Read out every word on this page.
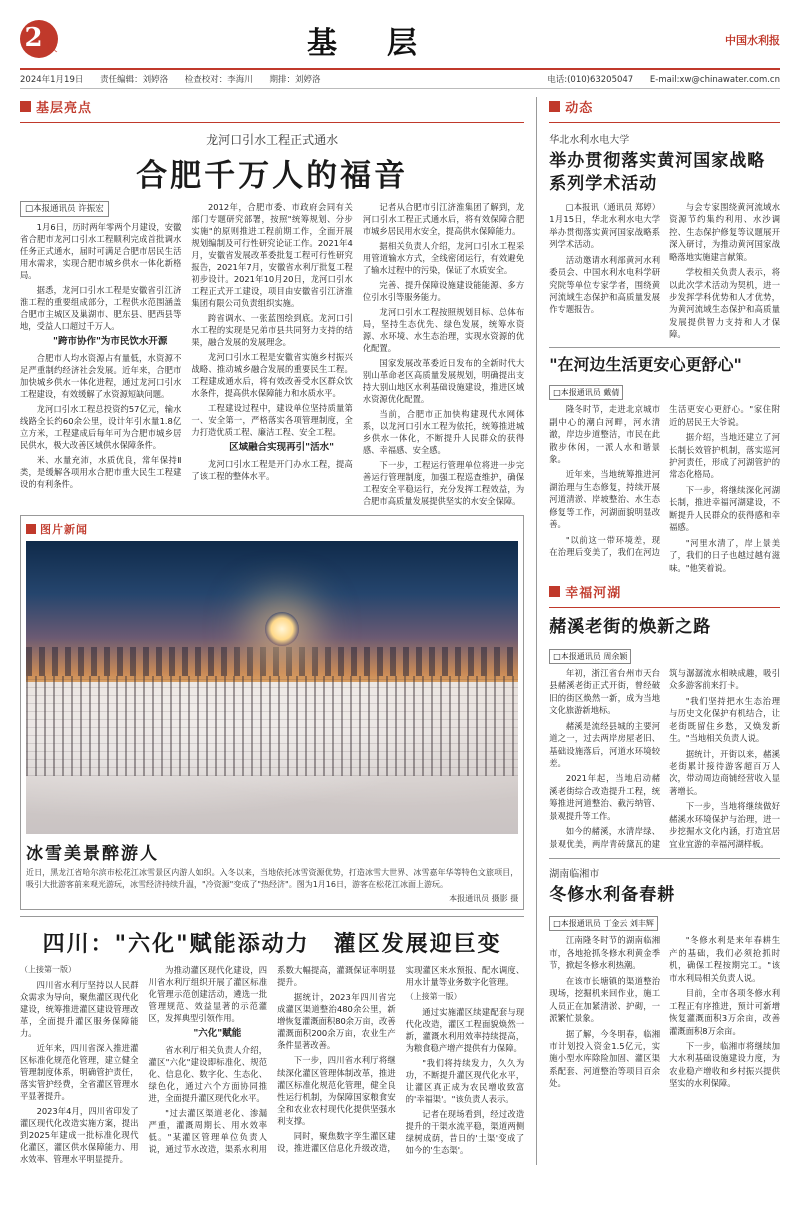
2 版	基　层	中国水利报
2024年1月19日 责任编辑：刘婷洛 检查校对：李海川 期排：刘婷洛	电话:(010)63205047 E-mail:xw@chinawater.com.cn
基层亮点
龙河口引水工程正式通水
合肥千万人的福音
□本报通讯员 许振宏

1月6日，历时两年零两个月建设，安徽省合肥市龙河口引水工程顺利完成首批调水任务正式通水，届时可满足合肥市居民生活用水需求，实现合肥市城乡供水一体化新格局。

据悉，龙河口引水工程是安徽省引江济淮工程的重要组成部分，工程供水范围涵盖合肥市主城区及巢湖市、肥东县、肥西县等地，受益人口超过千万人。

"跨市协作"为市民饮水开源

合肥市人均水资源占有量低，水资源不足严重制约经济社会发展。近年来，合肥市加快城乡供水一体化进程，通过龙河口引水工程建设，有效缓解了水资源短缺问题。

龙河口引水工程总投资约57亿元，输水线路全长约60余公里，设计年引水量1.8亿立方米，工程建成后每年可为合肥市城乡居民供水，极大改善区域供水保障条件。

米、水量充沛，水质优良，常年保持Ⅱ类，是缓解各项用水合肥市重大民生工程建设的有利条件。

2012年，合肥市委、市政府会同有关部门专题研究部署，按照"统筹规划、分步实施"的原则推进工程前期工作，全面开展规划编制及可行性研究论证工作。2021年4月，安徽省发展改革委批复工程可行性研究报告，2021年7月，安徽省水利厅批复工程初步设计。2021年10月20日，龙河口引水工程正式开工建设，项目由安徽省引江济淮集团有限公司负责组织实施。

跨省调水、一张蓝图绘到底。龙河口引水工程的实现是兄弟市县共同努力支持的结果，融合发展的发展理念。

龙河口引水工程是安徽省实施乡村振兴战略、推动城乡融合发展的重要民生工程。工程建成通水后，将有效改善受水区群众饮水条件，提高供水保障能力和水质水平。

工程建设过程中，建设单位坚持质量第一、安全第一，严格落实各项管理制度，全力打造优质工程、廉洁工程、安全工程。

区域融合实现再引"活水"

龙河口引水工程是开门办水工程，提高了该工程的整体水平。

记者从合肥市引江济淮集团了解到，龙河口引水工程正式通水后，将有效保障合肥市城乡居民用水安全，提高供水保障能力。

据相关负责人介绍，龙河口引水工程采用管道输水方式，全线密闭运行，有效避免了输水过程中的污染，保证了水质安全。

完善、提升保障设施建设能能源、多方位引水引等服务能力。

龙河口引水工程按照规划目标、总体布局，坚持生态优先、绿色发展，统筹水资源、水环境、水生态治理，实现水资源的优化配置。

国家发展改革委近日发布的全新时代大别山革命老区高质量发展规划，明确提出支持大别山地区水利基础设施建设，推进区域水资源优化配置。

当前，合肥市正加快构建现代水网体系，以龙河口引水工程为依托，统筹推进城乡供水一体化，不断提升人民群众的获得感、幸福感、安全感。

下一步，工程运行管理单位将进一步完善运行管理制度，加强工程巡查维护，确保工程安全平稳运行，充分发挥工程效益，为合肥市高质量发展提供坚实的水安全保障。

图片新闻
冰雪美景醉游人
近日，黑龙江省哈尔滨市松花江冰雪景区内游人如织。入冬以来，当地依托冰雪资源优势，打造冰雪大世界、冰雪嘉年华等特色文旅项目，吸引大批游客前来观光游玩，冰雪经济持续升温，"冷资源"变成了"热经济"。图为1月16日，游客在松花江冰面上游玩。
本报通讯员 摄影 摄
四川："六化"赋能添动力　灌区发展迎巨变

（上接第一版）

四川省水利厅坚持以人民群众需求为导向，聚焦灌区现代化建设，统筹推进灌区建设管理改革，全面提升灌区服务保障能力。

近年来，四川省深入推进灌区标准化规范化管理，建立健全管理制度体系，明确管护责任，落实管护经费，全省灌区管理水平显著提升。

2023年4月，四川省印发了灌区现代化改造实施方案，提出到2025年建成一批标准化现代化灌区，灌区供水保障能力、用水效率、管理水平明显提升。

为推动灌区现代化建设，四川省水利厅组织开展了灌区标准化管理示范创建活动，遴选一批管理规范、效益显著的示范灌区，发挥典型引领作用。

"六化"赋能

省水利厅相关负责人介绍，灌区"六化"建设即标准化、规范化、信息化、数字化、生态化、绿色化，通过六个方面协同推进，全面提升灌区现代化水平。

"过去灌区渠道老化、渗漏严重，灌溉周期长、用水效率低。"某灌区管理单位负责人说，通过节水改造，渠系水利用系数大幅提高，灌溉保证率明显提升。

据统计，2023年四川省完成灌区渠道整治480余公里，新增恢复灌溉面积80余万亩，改善灌溉面积200余万亩，农业生产条件显著改善。

下一步，四川省水利厅将继续深化灌区管理体制改革，推进灌区标准化规范化管理，健全良性运行机制，为保障国家粮食安全和农业农村现代化提供坚强水利支撑。

同时，聚焦数字孪生灌区建设，推进灌区信息化升级改造，实现灌区来水预报、配水调度、用水计量等业务数字化管理。

（上接第一版）

通过实施灌区续建配套与现代化改造，灌区工程面貌焕然一新，灌溉水利用效率持续提高，为粮食稳产增产提供有力保障。

"我们将持续发力，久久为功，不断提升灌区现代化水平，让灌区真正成为农民增收致富的'幸福渠'。"该负责人表示。

记者在现场看到，经过改造提升的干渠水流平稳，渠道两侧绿树成荫，昔日的'土渠'变成了如今的'生态渠'。

动态
华北水利水电大学
举办贯彻落实黄河国家战略系列学术活动

□本报讯（通讯员 郑婷）1月15日，华北水利水电大学举办贯彻落实黄河国家战略系列学术活动。

活动邀请水利部黄河水利委员会、中国水利水电科学研究院等单位专家学者，围绕黄河流域生态保护和高质量发展作专题报告。

与会专家围绕黄河流域水资源节约集约利用、水沙调控、生态保护修复等议题展开深入研讨，为推动黄河国家战略落地实施建言献策。

学校相关负责人表示，将以此次学术活动为契机，进一步发挥学科优势和人才优势，为黄河流域生态保护和高质量发展提供智力支持和人才保障。

"在河边生活更安心更舒心"
□本报通讯员 戴倩

隆冬时节，走进北京城市副中心的潮白河畔，河水清澈，岸边步道整洁，市民在此散步休闲，一派人水和谐景象。

近年来，当地统筹推进河湖治理与生态修复，持续开展河道清淤、岸坡整治、水生态修复等工作，河湖面貌明显改善。

"以前这一带环境差，现在治理后变美了，我们在河边生活更安心更舒心。"家住附近的居民王大爷说。

据介绍，当地还建立了河长制长效管护机制，落实巡河护河责任，形成了河湖管护的常态化格局。

下一步，将继续深化河湖长制，推进幸福河湖建设，不断提升人民群众的获得感和幸福感。

"河里水清了，岸上景美了，我们的日子也越过越有滋味。"他笑着说。

幸福河湖
赭溪老街的焕新之路
□本报通讯员 周余颖

年初，浙江省台州市天台县赭溪老街正式开街，曾经破旧的街区焕然一新，成为当地文化旅游新地标。

赭溪是流经县城的主要河道之一，过去两岸房屋老旧、基础设施落后，河道水环境较差。

2021年起，当地启动赭溪老街综合改造提升工程，统筹推进河道整治、截污纳管、景观提升等工作。

如今的赭溪，水清岸绿、景观优美，两岸青砖黛瓦的建筑与潺潺流水相映成趣，吸引众多游客前来打卡。

"我们坚持把水生态治理与历史文化保护有机结合，让老街既留住乡愁，又焕发新生。"当地相关负责人说。

据统计，开街以来，赭溪老街累计接待游客超百万人次，带动周边商铺经营收入显著增长。

下一步，当地将继续做好赭溪水环境保护与治理，进一步挖掘水文化内涵，打造宜居宜业宜游的幸福河湖样板。

湖南临湘市
冬修水利备春耕
□本报通讯员 丁金云 刘丰辉

江南隆冬时节的湖南临湘市，各地抢抓冬修水利黄金季节，掀起冬修水利热潮。

在该市长塘镇的渠道整治现场，挖掘机来回作业，施工人员正在加紧清淤、护砌，一派繁忙景象。

据了解，今冬明春，临湘市计划投入资金1.5亿元，实施小型水库除险加固、灌区渠系配套、河道整治等项目百余处。

"冬修水利是来年春耕生产的基础，我们必须抢抓时机，确保工程按期完工。"该市水利局相关负责人说。

目前，全市各项冬修水利工程正有序推进，预计可新增恢复灌溉面积3万余亩，改善灌溉面积8万余亩。

下一步，临湘市将继续加大水利基础设施建设力度，为农业稳产增收和乡村振兴提供坚实的水利保障。
